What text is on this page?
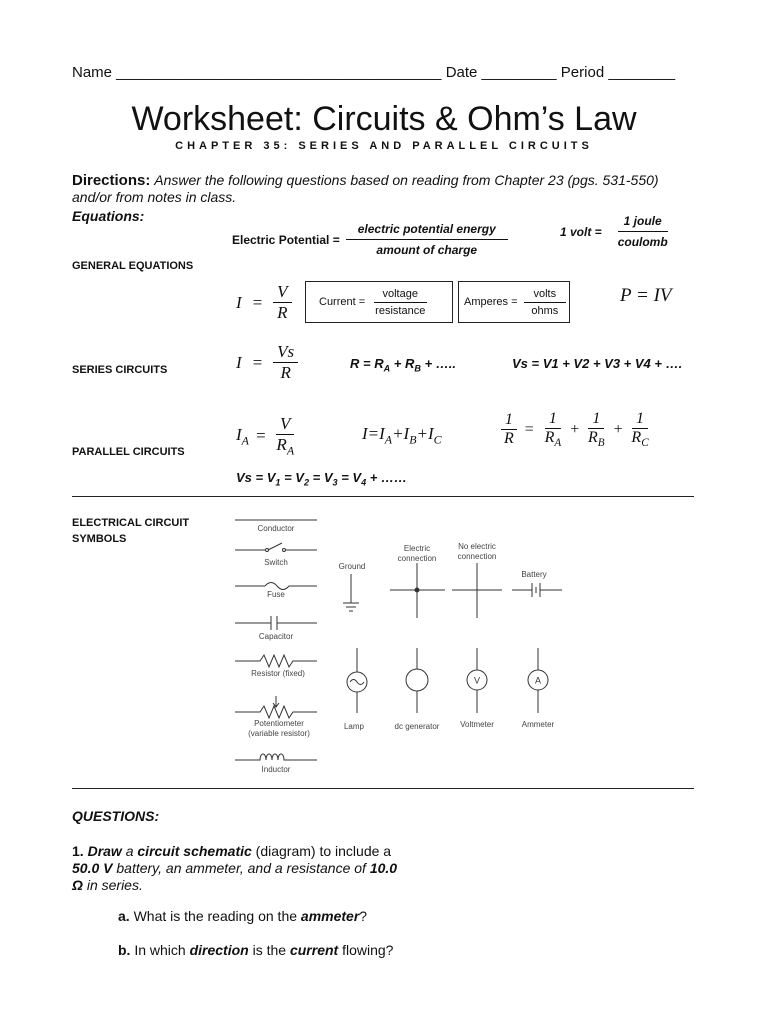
Name _______________________________________ Date _________ Period ________
Worksheet: Circuits & Ohm’s Law
CHAPTER 35: SERIES AND PARALLEL CIRCUITS
Directions: Answer the following questions based on reading from Chapter 23 (pgs. 531-550) and/or from notes in class.
Equations:
Electric Potential = $\frac{\text{electric potential energy}}{\text{amount of charge}}$	1 volt = $\frac{\text{1 joule}}{\text{coulomb}}$
GENERAL EQUATIONS
$I = \frac{V}{R}$ Current = $\frac{\text{voltage}}{\text{resistance}}$	Amperes = $\frac{\text{volts}}{\text{ohms}}$	P = IV
SERIES CIRCUITS	$I = \frac{Vs}{R}$	$R = R_A + R_B$ + …..	Vs = V1 + V2 + V3 + V4 + ….
PARALLEL CIRCUITS
$I_A = \frac{V}{R_A}$	$I=I_A+I_B+I_C$	$\frac{1}{R} = \frac{1}{R_A} + \frac{1}{R_B} + \frac{1}{R_C}$
$Vs = V_1 = V_2 = V_3 = V_4$ + ……
ELECTRICAL CIRCUIT
SYMBOLS
V	A
Conductor
Switch
Fuse
Capacitor
Resistor (fixed)
Potentiometer
(variable resistor)
Inductor
Ground
Electric
connection
No electric
connection
Battery
Lamp	dc generator	Voltmeter	Ammeter
QUESTIONS:
1. Draw a circuit schematic (diagram) to include a 50.0 V battery, an ammeter, and a resistance of 10.0 Ω in series.
a. What is the reading on the ammeter?
b. In which direction is the current flowing?
